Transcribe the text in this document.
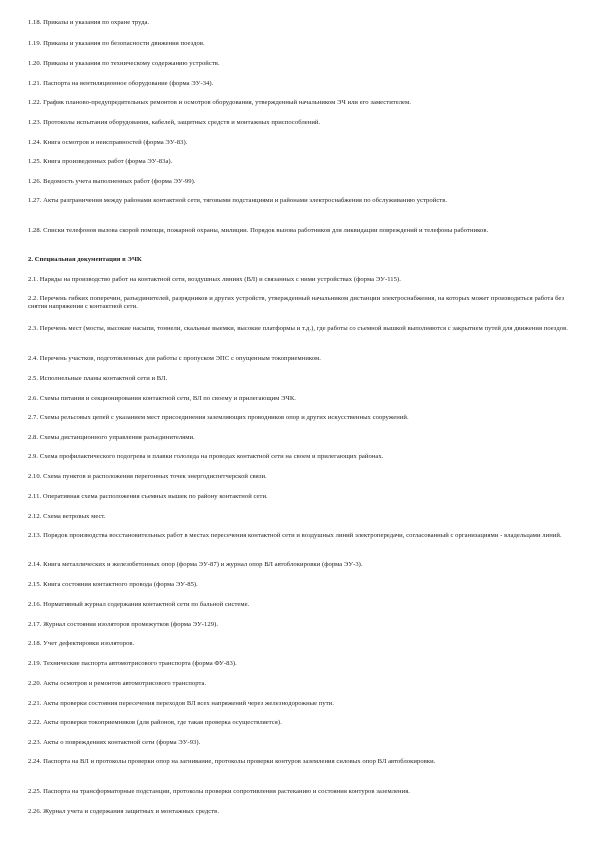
1.18. Приказы и указания по охране труда.

1.19. Приказы и указания по безопасности движения поездов.

1.20. Приказы и указания по техническому содержанию устройств.

1.21. Паспорта на вентиляционное оборудование (форма ЭУ-34).

1.22. График планово-предупредительных ремонтов и осмотров оборудования, утвержденный начальником ЭЧ или его заместителем.

1.23. Протоколы испытания оборудования, кабелей, защитных средств и монтажных приспособлений.

1.24. Книга осмотров и неисправностей (форма ЭУ-83).

1.25. Книга произведенных работ (форма ЭУ-83а).

1.26. Ведомость учета выполненных работ (форма ЭУ-99).

1.27. Акты разграничения между районами контактной сети, тяговыми подстанциями и районами электроснабжения по обслуживанию устройств.

1.28. Списки телефонов вызова скорой помощи, пожарной охраны, милиции. Порядок вызова работников для ликвидации повреждений и телефоны работников.

2. Специальная документация в ЭЧК

2.1. Наряды на производство работ на контактной сети, воздушных линиях (ВЛ) и связанных с ними устройствах (форма ЭУ-115).

2.2. Перечень гибких поперечин, разъединителей, разрядников и других устройств, утвержденный начальником дистанции электроснабжения, на которых может производиться работа без снятия напряжения с контактной сети.

2.3. Перечень мест (мосты, высокие насыпи, тоннели, скальные выемки, высокие платформы и т.д.), где работы со съемной вышкой выполняются с закрытием путей для движения поездов.

2.4. Перечень участков, подготовленных для работы с пропуском ЭПС с опущенным токоприемником.

2.5. Исполнельные планы контактной сети и ВЛ.

2.6. Схемы питания и секционирования контактной сети, ВЛ по своему и прилегающим ЭЧК.

2.7. Схемы рельсовых цепей с указанием мест присоединения заземляющих проводников опор и других искусственных сооружений.

2.8. Схемы дистанционного управления разъединителями.

2.9. Схема профилактического подогрева и плавки гололеда на проводах контактной сети на своем и прилегающих районах.

2.10. Схема пунктов и расположения перегонных точек энергодиспетчерской связи.

2.11. Оперативная схема расположения съемных вышек по району контактной сети.

2.12. Схема ветровых мест.

2.13. Порядок производства восстановительных работ в местах пересечения контактной сети и воздушных линий электропередачи, согласованный с организациями - владельцами линий.

2.14. Книга металлических и железобетонных опор (форма ЭУ-87) и журнал опор ВЛ автоблокировки (форма ЭУ-3).

2.15. Книга состояния контактного провода (форма ЭУ-85).

2.16. Нормативный журнал содержания контактной сети по бальной системе.

2.17. Журнал состояния изоляторов промежутков (форма ЭУ-129).

2.18. Учет дефектировки изоляторов.

2.19. Технические паспорта автомотрисового транспорта (форма ФУ-83).

2.20. Акты осмотров и ремонтов автомотрисового транспорта.

2.21. Акты проверки состояния пересечения переходов ВЛ всех напряжений через железнодорожные пути.

2.22. Акты проверки токоприемников (для районов, где такая проверка осуществляется).

2.23. Акты о повреждениях контактной сети (форма ЭУ-93).

2.24. Паспорта на ВЛ и протоколы проверки опор на загнивание, протоколы проверки контуров заземления силовых опор ВЛ автоблокировки.

2.25. Паспорта на трансформаторные подстанции, протоколы проверки сопротивления растеканию и состояния контуров заземления.

2.26. Журнал учета и содержания защитных и монтажных средств.
